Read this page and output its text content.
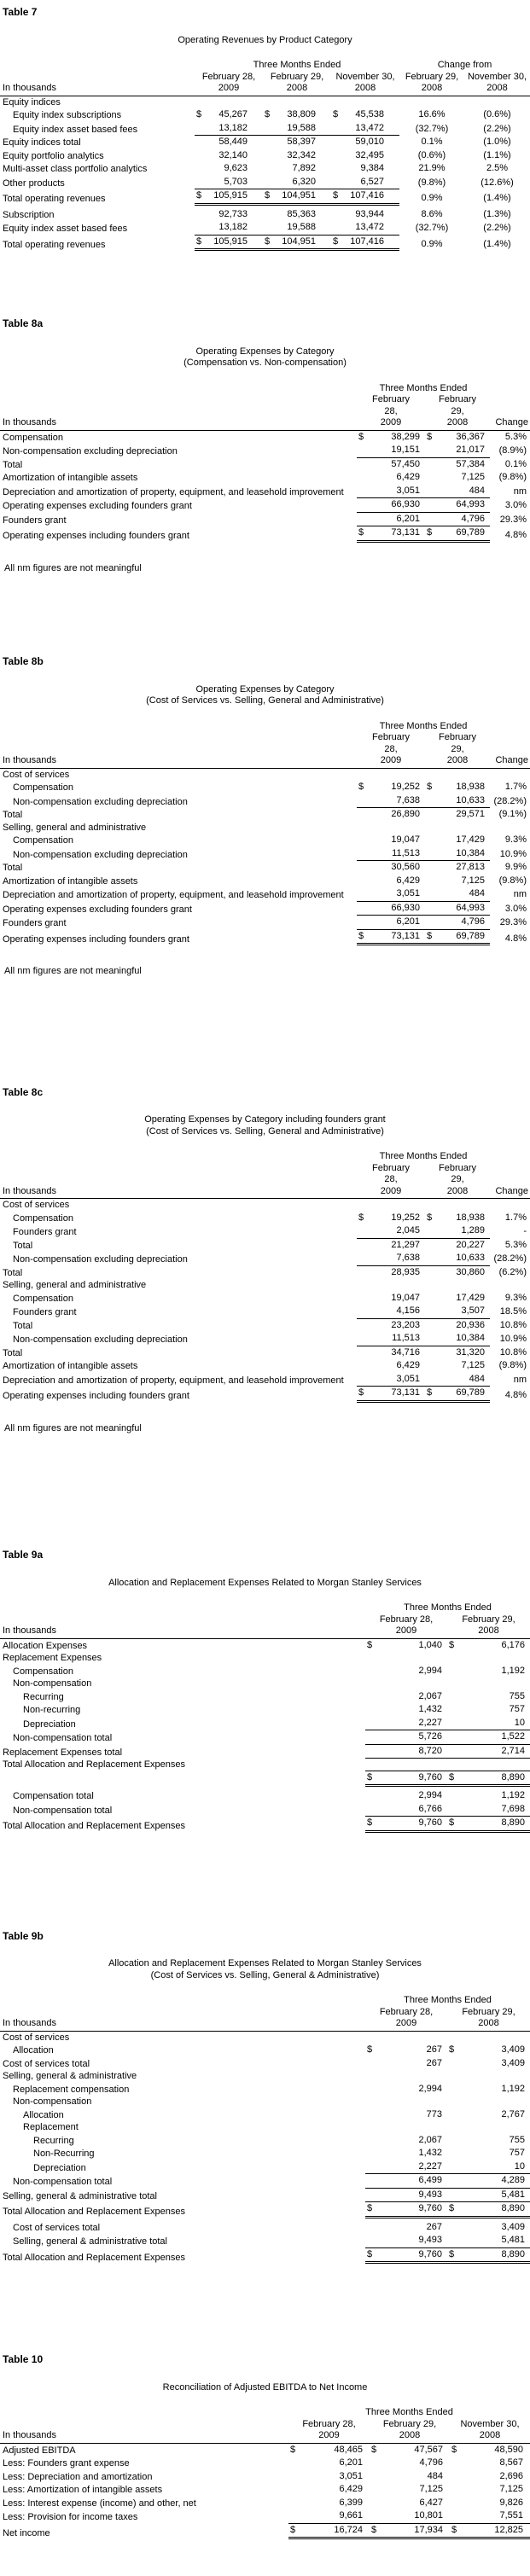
Table 7
Operating Revenues by Product Category
Three Months Ended	Change from
February 28,	February 29,	November 30,	February 29, November 30,
In thousands	2009	2008	2008	2008	2008
Equity indices
Equity index subscriptions	$ 45,267 $ 38,809 $ 45,538	16.6%	(0.6%)
Equity index asset based fees	13,182	19,588	13,472	(32.7%)	(2.2%)
Equity indices total	58,449	58,397	59,010	0.1%	(1.0%)
Equity portfolio analytics	32,140	32,342	32,495	(0.6%)	(1.1%)
Multi-asset class portfolio analytics	9,623	7,892	9,384	21.9%	2.5%
Other products	5,703	6,320	6,527	(9.8%)	(12.6%)
Total operating revenues	$ 105,915 $ 104,951 $ 107,416	0.9%	(1.4%)
Subscription	92,733	85,363	93,944	8.6%	(1.3%)
Equity index asset based fees	13,182	19,588	13,472	(32.7%)	(2.2%)
Total operating revenues	$ 105,915 $ 104,951 $ 107,416	0.9%	(1.4%)
Table 8a
Operating Expenses by Category
(Compensation vs. Non-compensation)
Three Months Ended
February	February
28,	29,
In thousands	2009	2008	Change
Compensation	$	38,299 $	36,367	5.3%
Non-compensation excluding depreciation	19,151	21,017	(8.9%)
Total	57,450	57,384	0.1%
Amortization of intangible assets	6,429	7,125	(9.8%)
Depreciation and amortization of property, equipment, and leasehold improvement	3,051	484	nm
Operating expenses excluding founders grant	66,930	64,993	3.0%
Founders grant	6,201	4,796	29.3%
Operating expenses including founders grant	$	73,131 $	69,789	4.8%
All nm figures are not meaningful
Table 8b
Operating Expenses by Category
(Cost of Services vs. Selling, General and Administrative)
Three Months Ended
February	February
28,	29,
In thousands	2009	2008	Change
Cost of services
Compensation	$	19,252 $	18,938	1.7%
Non-compensation excluding depreciation	7,638	10,633 (28.2%)
Total	26,890	29,571	(9.1%)
Selling, general and administrative
Compensation	19,047	17,429	9.3%
Non-compensation excluding depreciation	11,513	10,384	10.9%
Total	30,560	27,813	9.9%
Amortization of intangible assets	6,429	7,125	(9.8%)
Depreciation and amortization of property, equipment, and leasehold improvement	3,051	484	nm
Operating expenses excluding founders grant	66,930	64,993	3.0%
Founders grant	6,201	4,796	29.3%
Operating expenses including founders grant	$	73,131 $	69,789	4.8%
All nm figures are not meaningful
Table 8c
Operating Expenses by Category including founders grant
(Cost of Services vs. Selling, General and Administrative)
Three Months Ended
February	February
28,	29,
In thousands	2009	2008	Change
Cost of services
Compensation	$	19,252 $	18,938	1.7%
Founders grant	2,045	1,289	-
Total	21,297	20,227	5.3%
Non-compensation excluding depreciation	7,638	10,633 (28.2%)
Total	28,935	30,860	(6.2%)
Selling, general and administrative
Compensation	19,047	17,429	9.3%
Founders grant	4,156	3,507	18.5%
Total	23,203	20,936	10.8%
Non-compensation excluding depreciation	11,513	10,384	10.9%
Total	34,716	31,320	10.8%
Amortization of intangible assets	6,429	7,125	(9.8%)
Depreciation and amortization of property, equipment, and leasehold improvement	3,051	484	nm
Operating expenses including founders grant	$	73,131 $	69,789	4.8%
All nm figures are not meaningful
Table 9a
Allocation and Replacement Expenses Related to Morgan Stanley Services
Three Months Ended
February 28,	February 29,
In thousands	2009	2008
Allocation Expenses	$	1,040 $	6,176
Replacement Expenses
Compensation	2,994	1,192
Non-compensation
Recurring	2,067	755
Non-recurring	1,432	757
Depreciation	2,227	10
Non-compensation total	5,726	1,522
Replacement Expenses total	8,720	2,714
Total Allocation and Replacement Expenses
$	9,760 $	8,890
Compensation total	2,994	1,192
Non-compensation total	6,766	7,698
Total Allocation and Replacement Expenses	$	9,760 $	8,890
Table 9b
Allocation and Replacement Expenses Related to Morgan Stanley Services
(Cost of Services vs. Selling, General & Administrative)
Three Months Ended
February 28,	February 29,
In thousands	2009	2008
Cost of services
Allocation	$	267 $	3,409
Cost of services total	267	3,409
Selling, general & administrative
Replacement compensation	2,994	1,192
Non-compensation
Allocation	773	2,767
Replacement
Recurring	2,067	755
Non-Recurring	1,432	757
Depreciation	2,227	10
Non-compensation total	6,499	4,289
Selling, general & administrative total	9,493	5,481
Total Allocation and Replacement Expenses	$	9,760 $	8,890
Cost of services total	267	3,409
Selling, general & administrative total	9,493	5,481
Total Allocation and Replacement Expenses	$	9,760 $	8,890
Table 10
Reconciliation of Adjusted EBITDA to Net Income
Three Months Ended
February 28,	February 29,	November 30,
In thousands	2009	2008	2008
Adjusted EBITDA	$	48,465 $	47,567 $	48,590
Less: Founders grant expense	6,201	4,796	8,567
Less: Depreciation and amortization	3,051	484	2,696
Less: Amortization of intangible assets	6,429	7,125	7,125
Less: Interest expense (income) and other, net	6,399	6,427	9,826
Less: Provision for income taxes	9,661	10,801	7,551
Net income	$	16,724 $	17,934 $	12,825
